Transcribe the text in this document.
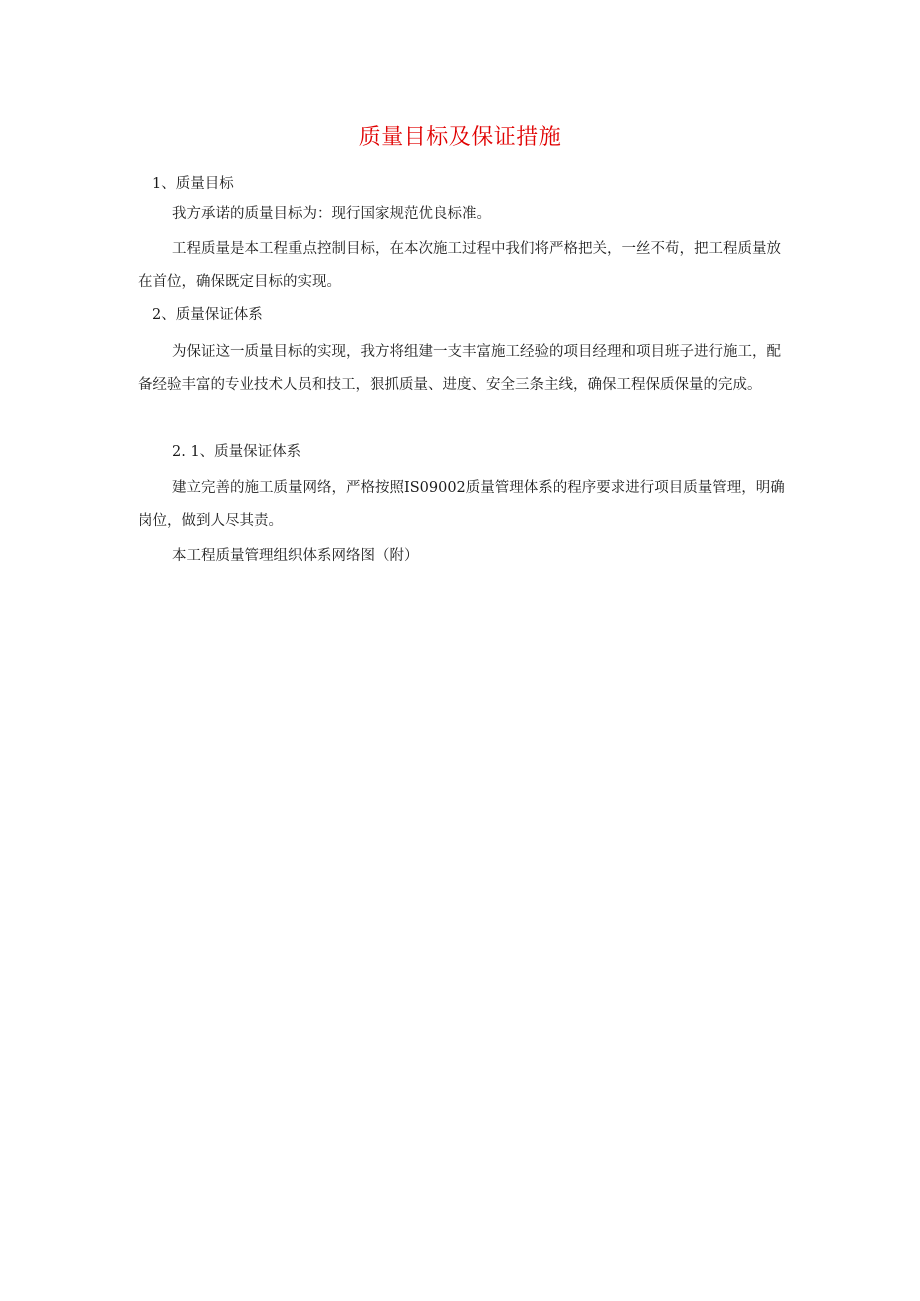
质量目标及保证措施
1、质量目标
我方承诺的质量目标为：现行国家规范优良标准。
工程质量是本工程重点控制目标，在本次施工过程中我们将严格把关，一丝不苟，把工程质量放在首位，确保既定目标的实现。
2、质量保证体系
为保证这一质量目标的实现，我方将组建一支丰富施工经验的项目经理和项目班子进行施工，配备经验丰富的专业技术人员和技工，狠抓质量、进度、安全三条主线，确保工程保质保量的完成。
2. 1、质量保证体系
建立完善的施工质量网络，严格按照IS09002质量管理体系的程序要求进行项目质量管理，明确岗位，做到人尽其责。
本工程质量管理组织体系网络图（附）
